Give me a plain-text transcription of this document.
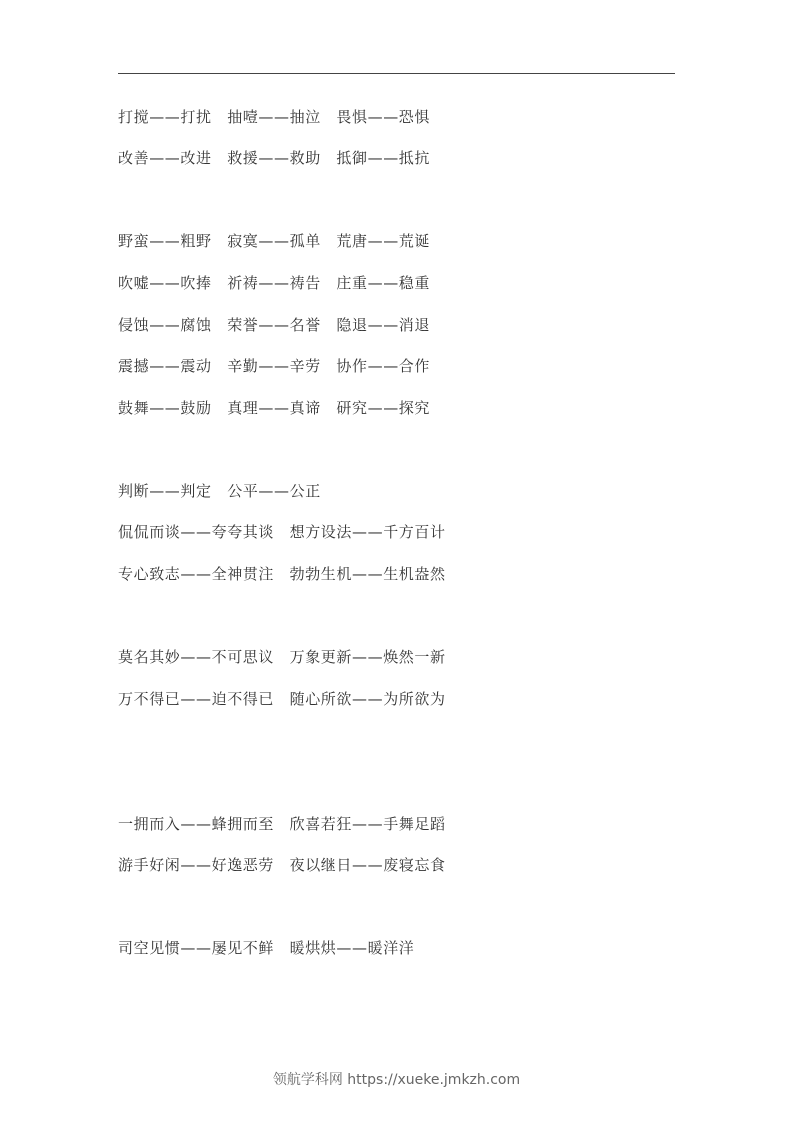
打搅——打扰　抽噎——抽泣　畏惧——恐惧
改善——改进　救援——救助　抵御——抵抗
野蛮——粗野　寂寞——孤单　荒唐——荒诞
吹嘘——吹捧　祈祷——祷告　庄重——稳重
侵蚀——腐蚀　荣誉——名誉　隐退——消退
震撼——震动　辛勤——辛劳　协作——合作
鼓舞——鼓励　真理——真谛　研究——探究
判断——判定　公平——公正
侃侃而谈——夸夸其谈　想方设法——千方百计
专心致志——全神贯注　勃勃生机——生机盎然
莫名其妙——不可思议　万象更新——焕然一新
万不得已——迫不得已　随心所欲——为所欲为
一拥而入——蜂拥而至　欣喜若狂——手舞足蹈
游手好闲——好逸恶劳　夜以继日——废寝忘食
司空见惯——屡见不鲜　暖烘烘——暖洋洋
领航学科网 https://xueke.jmkzh.com
